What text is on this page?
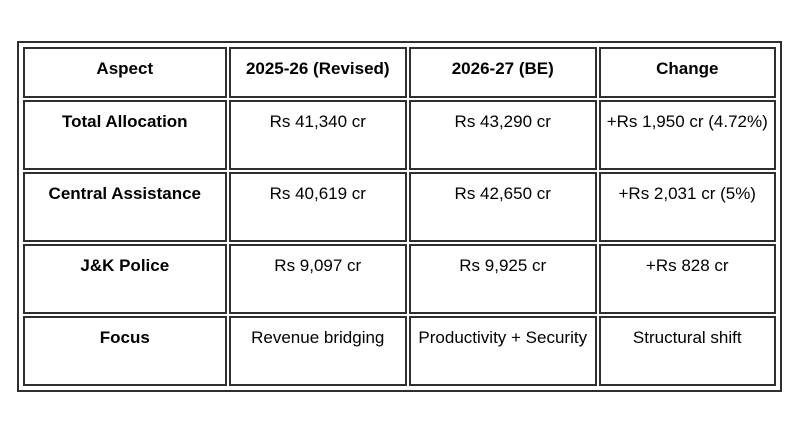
Aspect	2025-26 (Revised)	2026-27 (BE)	Change
Total Allocation	Rs 41,340 cr	Rs 43,290 cr	+Rs 1,950 cr (4.72%)
Central Assistance	Rs 40,619 cr	Rs 42,650 cr	+Rs 2,031 cr (5%)
J&K Police	Rs 9,097 cr	Rs 9,925 cr	+Rs 828 cr
Focus	Revenue bridging	Productivity + Security	Structural shift
